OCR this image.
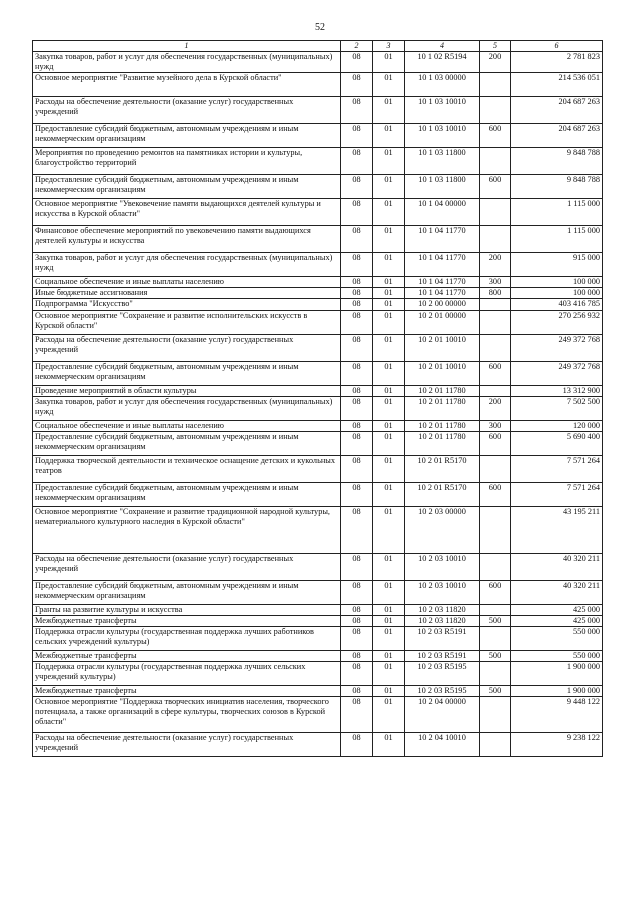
52
1	2	3	4	5	6
Закупка товаров, работ и услуг для обеспечения государственных (муниципальных) нужд	08	01	10 1 02 R5194	200	2 781 823
Основное мероприятие "Развитие музейного дела в Курской области"	08	01	10 1 03 00000		214 536 051
Расходы на обеспечение деятельности (оказание услуг) государственных учреждений	08	01	10 1 03 10010		204 687 263
Предоставление субсидий бюджетным, автономным учреждениям и иным некоммерческим организациям	08	01	10 1 03 10010	600	204 687 263
Мероприятия по проведению ремонтов на памятниках истории и культуры, благоустройство территорий	08	01	10 1 03 11800		9 848 788
Предоставление субсидий бюджетным, автономным учреждениям и иным некоммерческим организациям	08	01	10 1 03 11800	600	9 848 788
Основное мероприятие "Увековечение памяти выдающихся деятелей культуры и искусства в Курской области"	08	01	10 1 04 00000		1 115 000
Финансовое обеспечение мероприятий по увековечению памяти выдающихся деятелей культуры и искусства	08	01	10 1 04 11770		1 115 000
Закупка товаров, работ и услуг для обеспечения государственных (муниципальных) нужд	08	01	10 1 04 11770	200	915 000
Социальное обеспечение и иные выплаты населению	08	01	10 1 04 11770	300	100 000
Иные бюджетные ассигнования	08	01	10 1 04 11770	800	100 000
Подпрограмма "Искусство"	08	01	10 2 00 00000		403 416 785
Основное мероприятие "Сохранение и развитие исполнительских искусств в Курской области"	08	01	10 2 01 00000		270 256 932
Расходы на обеспечение деятельности (оказание услуг) государственных учреждений	08	01	10 2 01 10010		249 372 768
Предоставление субсидий бюджетным, автономным учреждениям и иным некоммерческим организациям	08	01	10 2 01 10010	600	249 372 768
Проведение мероприятий в области культуры	08	01	10 2 01 11780		13 312 900
Закупка товаров, работ и услуг для обеспечения государственных (муниципальных) нужд	08	01	10 2 01 11780	200	7 502 500
Социальное обеспечение и иные выплаты населению	08	01	10 2 01 11780	300	120 000
Предоставление субсидий бюджетным, автономным учреждениям и иным некоммерческим организациям	08	01	10 2 01 11780	600	5 690 400
Поддержка творческой деятельности и техническое оснащение детских и кукольных театров	08	01	10 2 01 R5170		7 571 264
Предоставление субсидий бюджетным, автономным учреждениям и иным некоммерческим организациям	08	01	10 2 01 R5170	600	7 571 264
Основное мероприятие "Сохранение и развитие традиционной народной культуры, нематериального культурного наследия в Курской области"	08	01	10 2 03 00000		43 195 211
Расходы на обеспечение деятельности (оказание услуг) государственных учреждений	08	01	10 2 03 10010		40 320 211
Предоставление субсидий бюджетным, автономным учреждениям и иным некоммерческим организациям	08	01	10 2 03 10010	600	40 320 211
Гранты на развитие культуры и искусства	08	01	10 2 03 11820		425 000
Межбюджетные трансферты	08	01	10 2 03 11820	500	425 000
Поддержка отрасли культуры (государственная поддержка лучших работников сельских учреждений культуры)	08	01	10 2 03 R5191		550 000
Межбюджетные трансферты	08	01	10 2 03 R5191	500	550 000
Поддержка отрасли культуры (государственная поддержка лучших сельских учреждений культуры)	08	01	10 2 03 R5195		1 900 000
Межбюджетные трансферты	08	01	10 2 03 R5195	500	1 900 000
Основное мероприятие "Поддержка творческих инициатив населения, творческого потенциала, а также организаций в сфере культуры, творческих союзов в Курской области"	08	01	10 2 04 00000		9 448 122
Расходы на обеспечение деятельности (оказание услуг) государственных учреждений	08	01	10 2 04 10010		9 238 122
